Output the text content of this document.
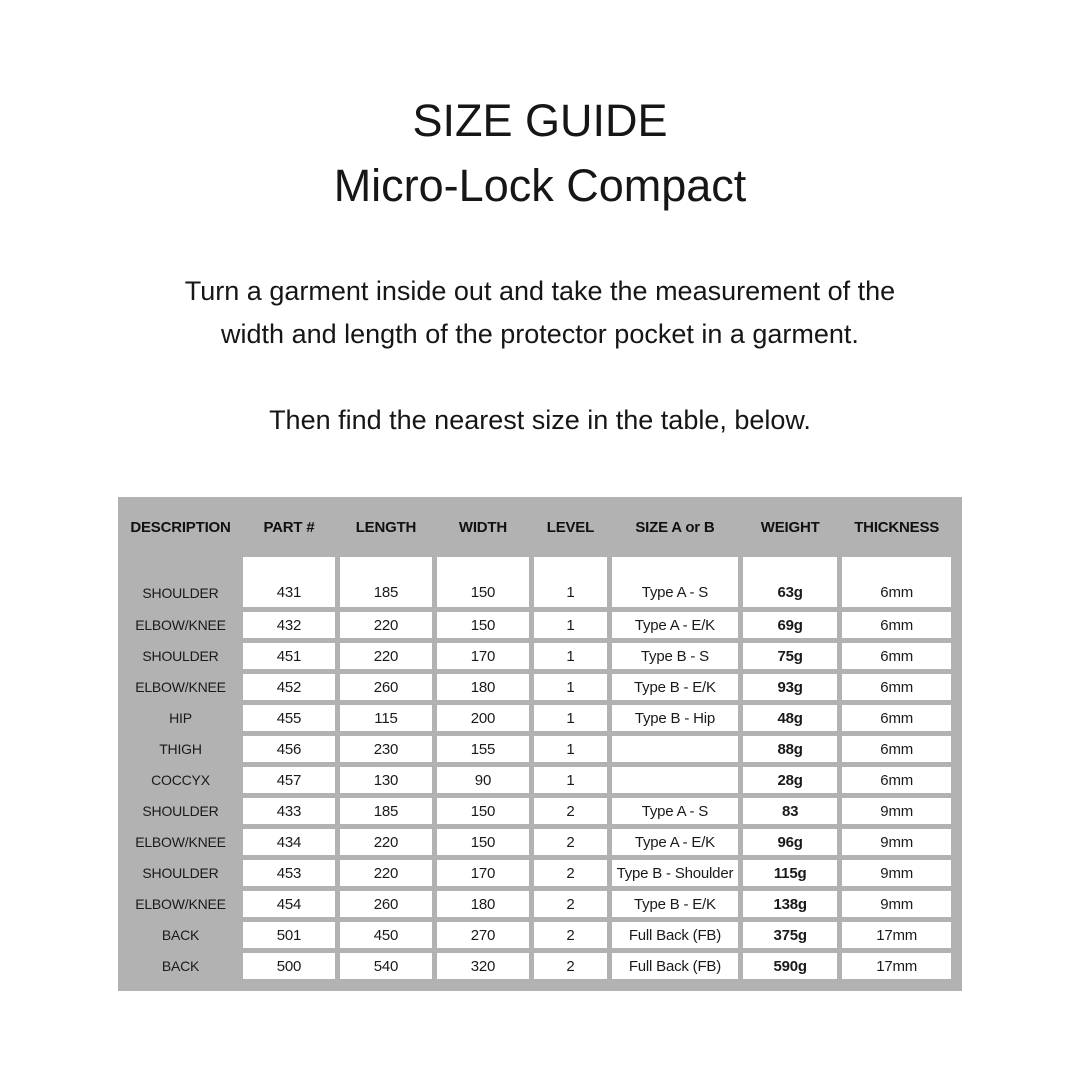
SIZE GUIDE
Micro-Lock Compact
Turn a garment inside out and take the measurement of the
width and length of the protector pocket in a garment.
Then find the nearest size in the table, below.
DESCRIPTION	PART #	LENGTH	WIDTH	LEVEL	SIZE A or B	WEIGHT	THICKNESS
SHOULDER	431	185	150	1	Type A - S	63g	6mm
ELBOW/KNEE	432	220	150	1	Type A - E/K	69g	6mm
SHOULDER	451	220	170	1	Type B - S	75g	6mm
ELBOW/KNEE	452	260	180	1	Type B - E/K	93g	6mm
HIP	455	115	200	1	Type B - Hip	48g	6mm
THIGH	456	230	155	1		88g	6mm
COCCYX	457	130	90	1		28g	6mm
SHOULDER	433	185	150	2	Type A - S	83	9mm
ELBOW/KNEE	434	220	150	2	Type A - E/K	96g	9mm
SHOULDER	453	220	170	2	Type B - Shoulder	115g	9mm
ELBOW/KNEE	454	260	180	2	Type B - E/K	138g	9mm
BACK	501	450	270	2	Full Back (FB)	375g	17mm
BACK	500	540	320	2	Full Back (FB)	590g	17mm
